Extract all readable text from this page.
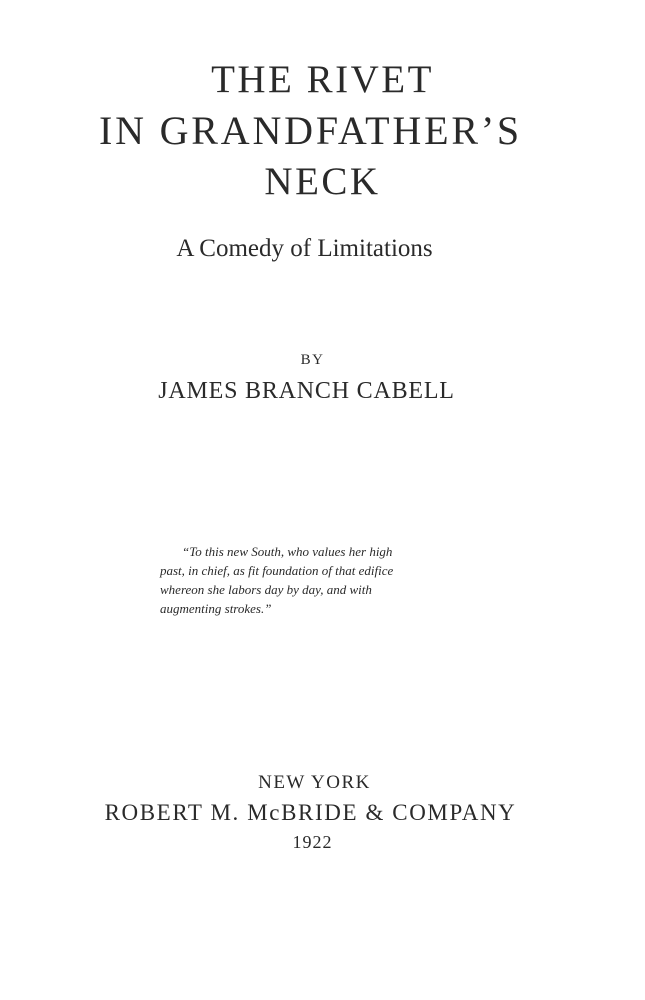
THE RIVET
IN GRANDFATHER’S
NECK

A Comedy of Limitations

BY

JAMES BRANCH CABELL

“To this new South, who values her high
past, in chief, as fit foundation of that edifice
whereon she labors day by day, and with
augmenting strokes.”

NEW YORK

ROBERT M. McBRIDE & COMPANY

1922
